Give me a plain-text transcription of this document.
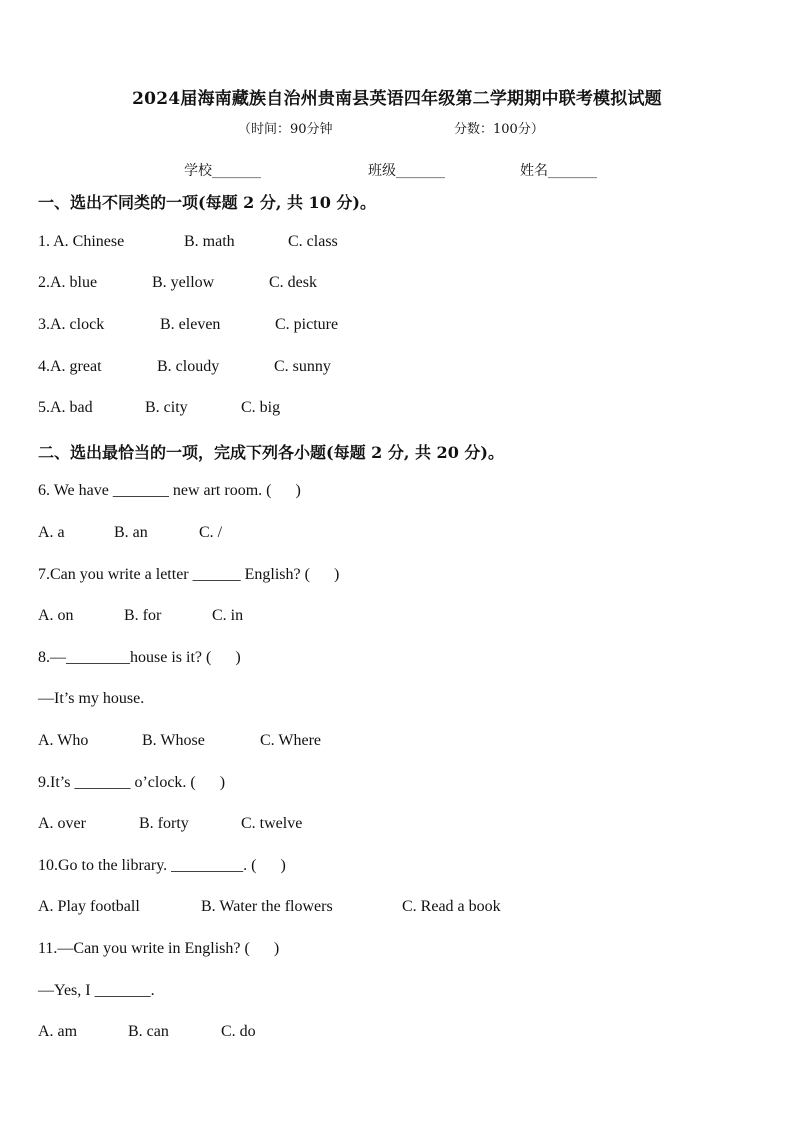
2024届海南藏族自治州贵南县英语四年级第二学期期中联考模拟试题
（时间：90分钟	分数：100分）
学校_______	班级_______	姓名_______
一、选出不同类的一项(每题 2 分, 共 10 分)。
1. A. Chinese	B. math	C. class
2.A. blue	B. yellow	C. desk
3.A. clock	B. eleven	C. picture
4.A. great	B. cloudy	C. sunny
5.A. bad	B. city	C. big
二、选出最恰当的一项，完成下列各小题(每题 2 分, 共 20 分)。
6. We have _______ new art room. (      )
A. a	B. an	C. /
7.Can you write a letter ______ English? (      )
A. on	B. for	C. in
8.—________house is it? (      )
—It’s my house.
A. Who	B. Whose	C. Where
9.It’s _______ o’clock. (      )
A. over	B. forty	C. twelve
10.Go to the library. _________. (      )
A. Play football	B. Water the flowers	C. Read a book
11.—Can you write in English? (      )
—Yes, I _______.
A. am	B. can	C. do
